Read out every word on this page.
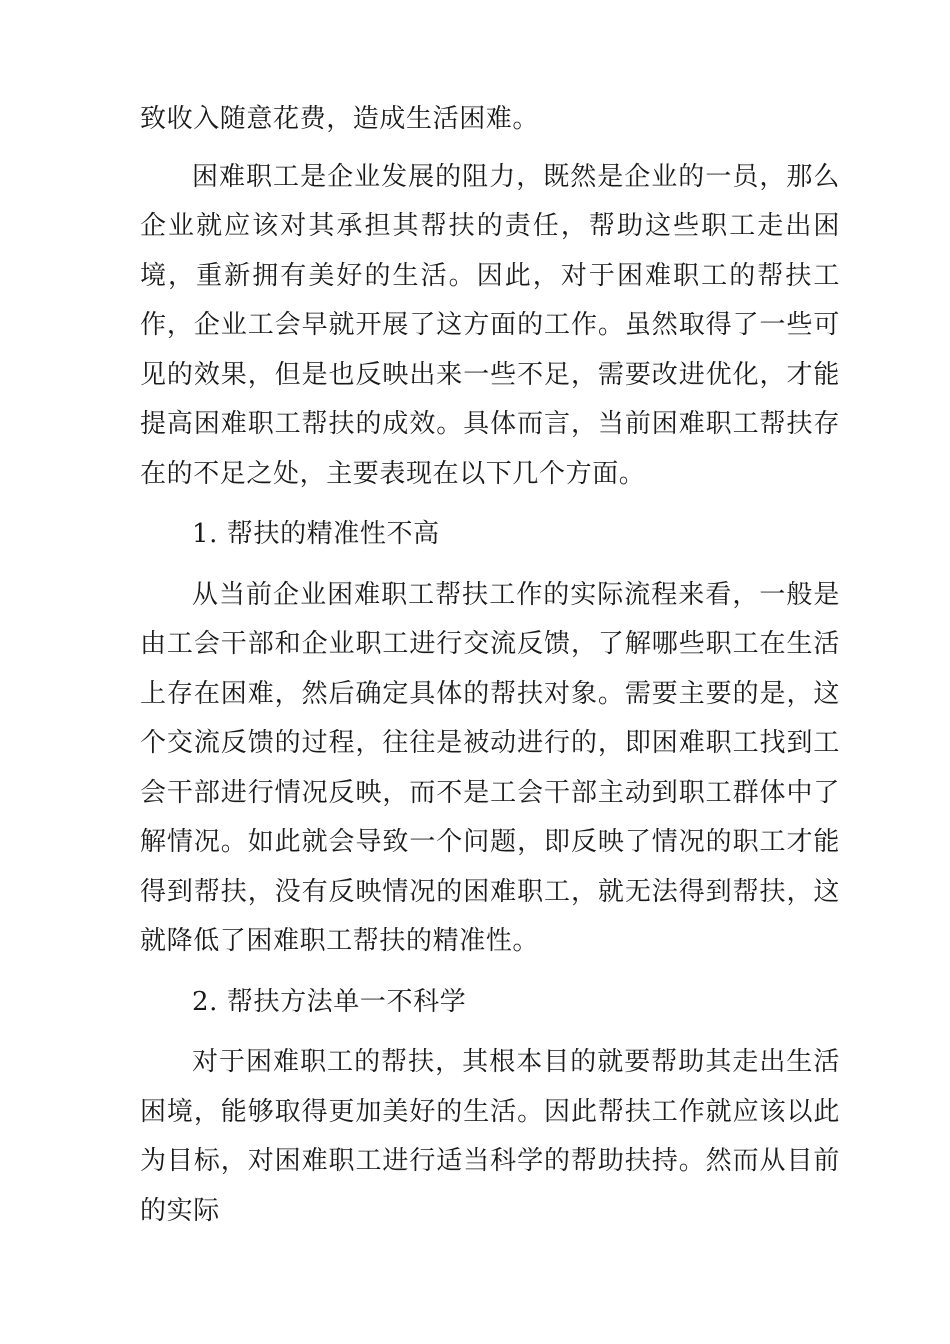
致收入随意花费，造成生活困难。

困难职工是企业发展的阻力，既然是企业的一员，那么企业就应该对其承担其帮扶的责任，帮助这些职工走出困境，重新拥有美好的生活。因此，对于困难职工的帮扶工作，企业工会早就开展了这方面的工作。虽然取得了一些可见的效果，但是也反映出来一些不足，需要改进优化，才能提高困难职工帮扶的成效。具体而言，当前困难职工帮扶存在的不足之处，主要表现在以下几个方面。

1. 帮扶的精准性不高

从当前企业困难职工帮扶工作的实际流程来看，一般是由工会干部和企业职工进行交流反馈，了解哪些职工在生活上存在困难，然后确定具体的帮扶对象。需要主要的是，这个交流反馈的过程，往往是被动进行的，即困难职工找到工会干部进行情况反映，而不是工会干部主动到职工群体中了解情况。如此就会导致一个问题，即反映了情况的职工才能得到帮扶，没有反映情况的困难职工，就无法得到帮扶，这就降低了困难职工帮扶的精准性。

2. 帮扶方法单一不科学

对于困难职工的帮扶，其根本目的就要帮助其走出生活困境，能够取得更加美好的生活。因此帮扶工作就应该以此为目标，对困难职工进行适当科学的帮助扶持。然而从目前的实际
